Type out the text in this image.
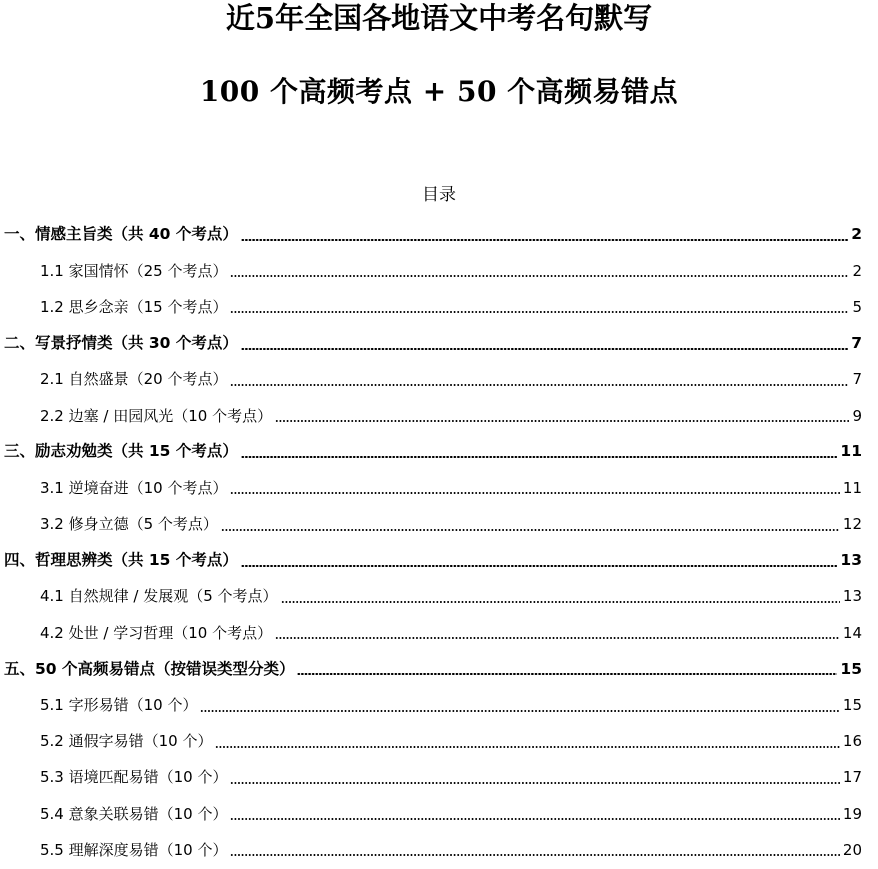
近5年全国各地语文中考名句默写
100 个高频考点 + 50 个高频易错点
目录
一、情感主旨类（共 40 个考点）	2
1.1 家国情怀（25 个考点）	2
1.2 思乡念亲（15 个考点）	5
二、写景抒情类（共 30 个考点）	7
2.1 自然盛景（20 个考点）	7
2.2 边塞 / 田园风光（10 个考点）	9
三、励志劝勉类（共 15 个考点）	11
3.1 逆境奋进（10 个考点）	11
3.2 修身立德（5 个考点）	12
四、哲理思辨类（共 15 个考点）	13
4.1 自然规律 / 发展观（5 个考点）	13
4.2 处世 / 学习哲理（10 个考点）	14
五、50 个高频易错点（按错误类型分类）	15
5.1 字形易错（10 个）	15
5.2 通假字易错（10 个）	16
5.3 语境匹配易错（10 个）	17
5.4 意象关联易错（10 个）	19
5.5 理解深度易错（10 个）	20
